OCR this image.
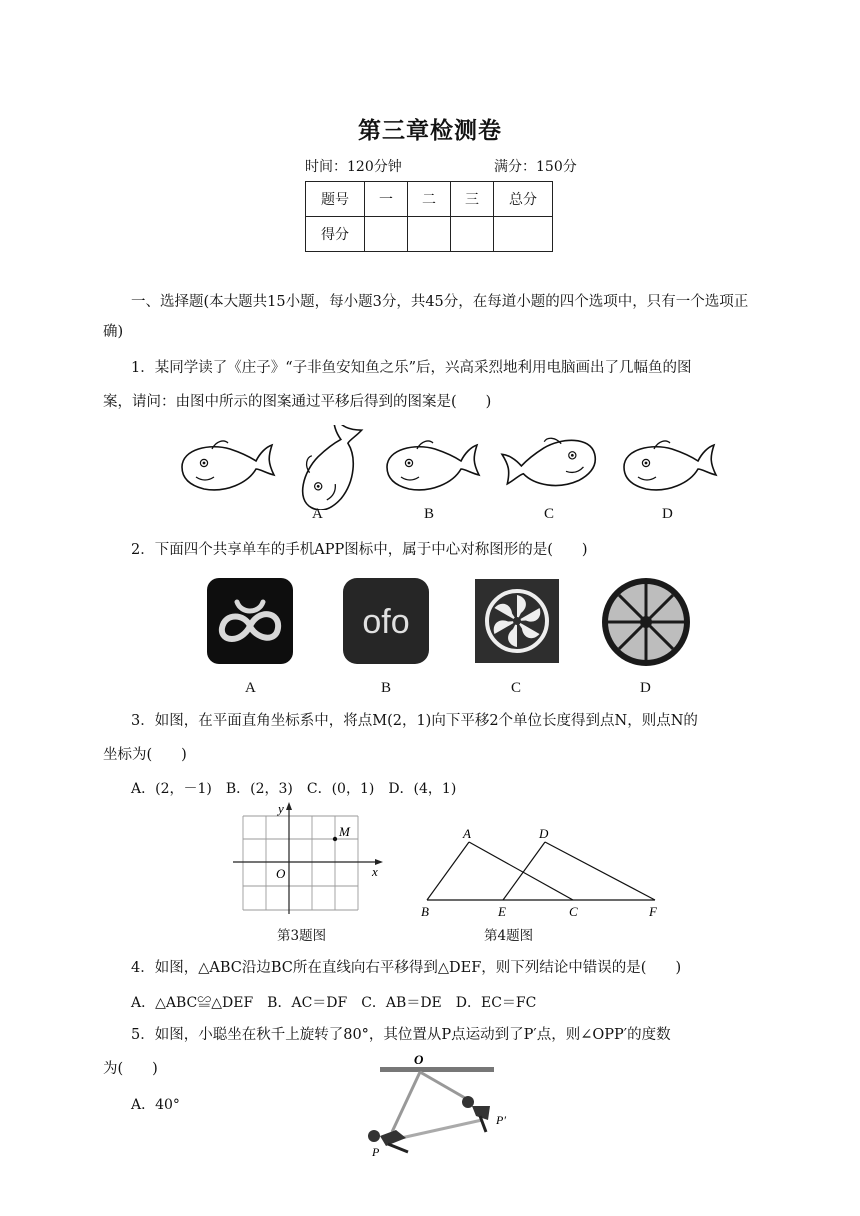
第三章检测卷
时间：120分钟	满分：150分
题号	一	二	三	总分
得分				
一、选择题(本大题共15小题，每小题3分，共45分，在每道小题的四个选项中，只有一个选项正确)
1．某同学读了《庄子》“子非鱼安知鱼之乐”后，兴高采烈地利用电脑画出了几幅鱼的图
案，请问：由图中所示的图案通过平移后得到的图案是(　　)
A	B	C	D
2．下面四个共享单车的手机APP图标中，属于中心对称图形的是(　　)
ofo
A	B	C	D
3．如图，在平面直角坐标系中，将点M(2，1)向下平移2个单位长度得到点N，则点N的
坐标为(　　)
A．(2，－1)　B．(2，3)　C．(0，1)　D．(4，1)
y
x
O
M
第3题图
A	D
B	E	C	F
第4题图
4．如图，△ABC沿边BC所在直线向右平移得到△DEF，则下列结论中错误的是(　　)
A．△ABC≌△DEF　B．AC＝DF　C．AB＝DE　D．EC＝FC
5．如图，小聪坐在秋千上旋转了80°，其位置从P点运动到了P′点，则∠OPP′的度数
为(　　)
A．40°
O
P
P′
